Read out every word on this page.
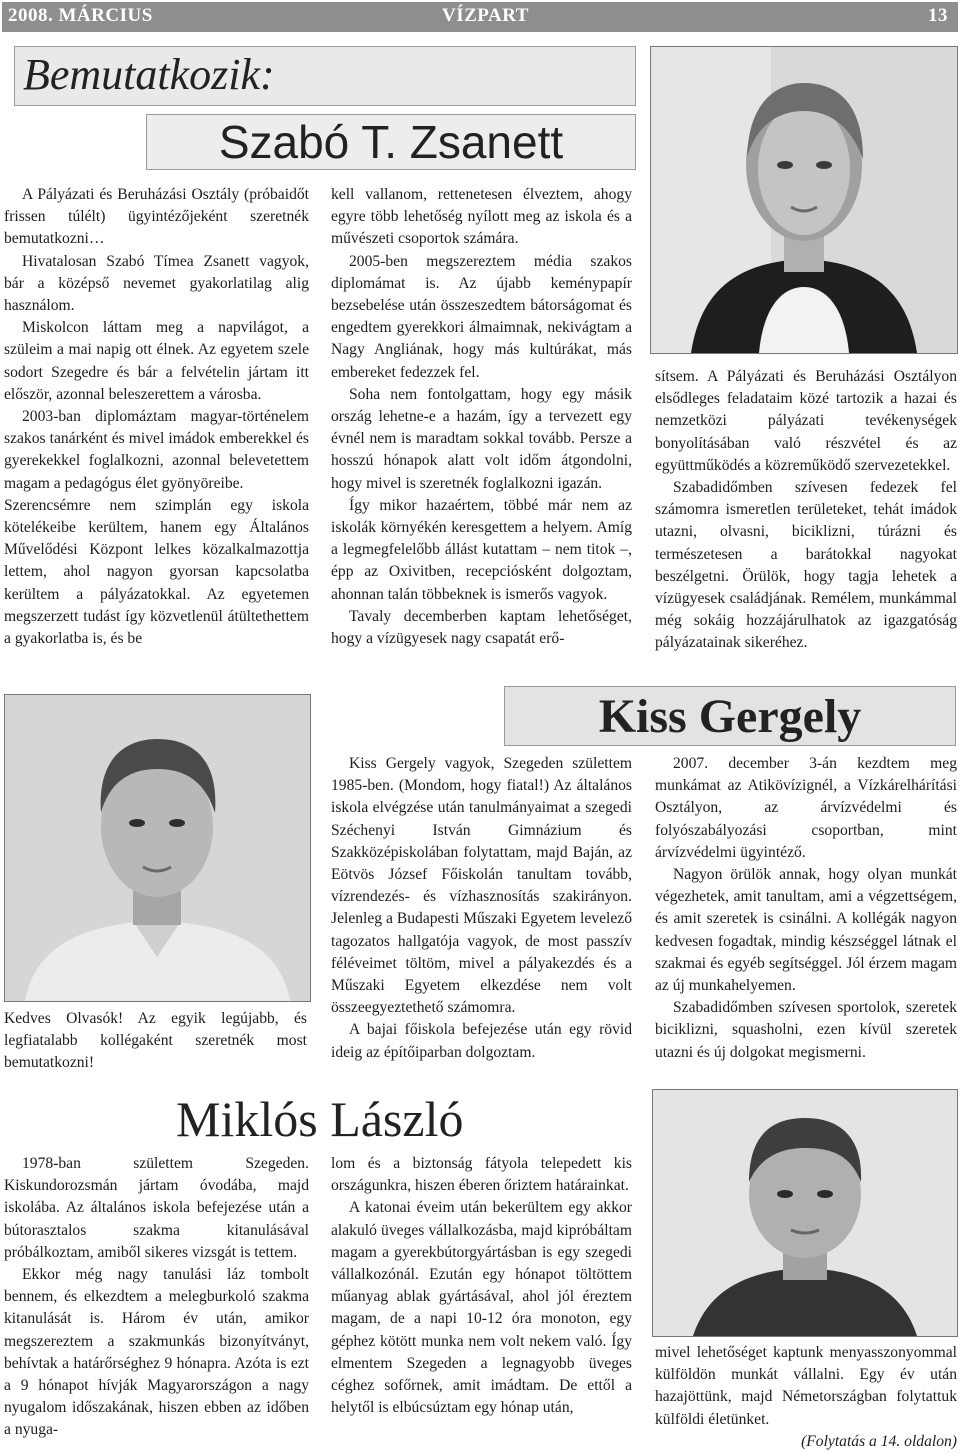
2008. MÁRCIUS	VÍZPART	13
Bemutatkozik:
Szabó T. Zsanett

A Pályázati és Beruházási Osztály (próbaidőt frissen túlélt) ügyintézőjeként szeretnék bemutatkozni…

Hivatalosan Szabó Tímea Zsanett vagyok, bár a középső nevemet gyakorlatilag alig használom.

Miskolcon láttam meg a napvilágot, a szüleim a mai napig ott élnek. Az egyetem szele sodort Szegedre és bár a felvételin jártam itt először, azonnal beleszerettem a városba.

2003-ban diplomáztam magyar-történelem szakos tanárként és mivel imádok emberekkel és gyerekekkel foglalkozni, azonnal belevetettem magam a pedagógus élet gyönyöreibe.

Szerencsémre nem szimplán egy iskola kötelékeibe kerültem, hanem egy Általános Művelődési Központ lelkes közalkalmazottja lettem, ahol nagyon gyorsan kapcsolatba kerültem a pályázatokkal. Az egyetemen megszerzett tudást így közvetlenül átültethettem a gyakorlatba is, és be

kell vallanom, rettenetesen élveztem, ahogy egyre több lehetőség nyílott meg az iskola és a művészeti csoportok számára.

2005-ben megszereztem média szakos diplomámat is. Az újabb keménypapír bezsebelése után összeszedtem bátorságomat és engedtem gyerekkori álmaimnak, nekivágtam a Nagy Angliának, hogy más kultúrákat, más embereket fedezzek fel.

Soha nem fontolgattam, hogy egy másik ország lehetne-e a hazám, így a tervezett egy évnél nem is maradtam sokkal tovább. Persze a hosszú hónapok alatt volt időm átgondolni, hogy mivel is szeretnék foglalkozni igazán.

Így mikor hazaértem, többé már nem az iskolák környékén keresgettem a helyem. Amíg a legmegfelelőbb állást kutattam – nem titok –, épp az Oxivitben, recepciósként dolgoztam, ahonnan talán többeknek is ismerős vagyok.

Tavaly decemberben kaptam lehetőséget, hogy a vízügyesek nagy csapatát erő-

sítsem. A Pályázati és Beruházási Osztályon elsődleges feladataim közé tartozik a hazai és nemzetközi pályázati tevékenységek bonyolításában való részvétel és az együttműködés a közreműködő szervezetekkel.

Szabadidőmben szívesen fedezek fel számomra ismeretlen területeket, tehát imádok utazni, olvasni, biciklizni, túrázni és természetesen a barátokkal nagyokat beszélgetni. Örülök, hogy tagja lehetek a vízügyesek családjának. Remélem, munkámmal még sokáig hozzájárulhatok az igazgatóság pályázatainak sikeréhez.

Kedves Olvasók! Az egyik legújabb, és legfiatalabb kollégaként szeretnék most bemutatkozni!

Kiss Gergely

Kiss Gergely vagyok, Szegeden születtem 1985-ben. (Mondom, hogy fiatal!) Az általános iskola elvégzése után tanulmányaimat a szegedi Széchenyi István Gimnázium és Szakközépiskolában folytattam, majd Baján, az Eötvös József Főiskolán tanultam tovább, vízrendezés- és vízhasznosítás szakirányon. Jelenleg a Budapesti Műszaki Egyetem levelező tagozatos hallgatója vagyok, de most passzív féléveimet töltöm, mivel a pályakezdés és a Műszaki Egyetem elkezdése nem volt összeegyeztethető számomra.

A bajai főiskola befejezése után egy rövid ideig az építőiparban dolgoztam.

2007. december 3-án kezdtem meg munkámat az Atikövízignél, a Vízkárelhárítási Osztályon, az árvízvédelmi és folyószabályozási csoportban, mint árvízvédelmi ügyintéző.

Nagyon örülök annak, hogy olyan munkát végezhetek, amit tanultam, ami a végzettségem, és amit szeretek is csinálni. A kollégák nagyon kedvesen fogadtak, mindig készséggel látnak el szakmai és egyéb segítséggel. Jól érzem magam az új munkahelyemen.

Szabadidőmben szívesen sportolok, szeretek biciklizni, squasholni, ezen kívül szeretek utazni és új dolgokat megismerni.

Miklós László

1978-ban születtem Szegeden. Kiskundorozsmán jártam óvodába, majd iskolába. Az általános iskola befejezése után a bútorasztalos szakma kitanulásával próbálkoztam, amiből sikeres vizsgát is tettem.

Ekkor még nagy tanulási láz tombolt bennem, és elkezdtem a melegburkoló szakma kitanulását is. Három év után, amikor megszereztem a szakmunkás bizonyítványt, behívtak a határőrséghez 9 hónapra. Azóta is ezt a 9 hónapot hívják Magyarországon a nagy nyugalom időszakának, hiszen ebben az időben a nyuga-

lom és a biztonság fátyola telepedett kis országunkra, hiszen éberen őriztem határainkat.

A katonai éveim után bekerültem egy akkor alakuló üveges vállalkozásba, majd kipróbáltam magam a gyerekbútorgyártásban is egy szegedi vállalkozónál. Ezután egy hónapot töltöttem műanyag ablak gyártásával, ahol jól éreztem magam, de a napi 10-12 óra monoton, egy géphez kötött munka nem volt nekem való. Így elmentem Szegeden a legnagyobb üveges céghez sofőrnek, amit imádtam. De ettől a helytől is elbúcsúztam egy hónap után,

mivel lehetőséget kaptunk menyasszonyommal külföldön munkát vállalni. Egy év után hazajöttünk, majd Németországban folytattuk külföldi életünket.

(Folytatás a 14. oldalon)
